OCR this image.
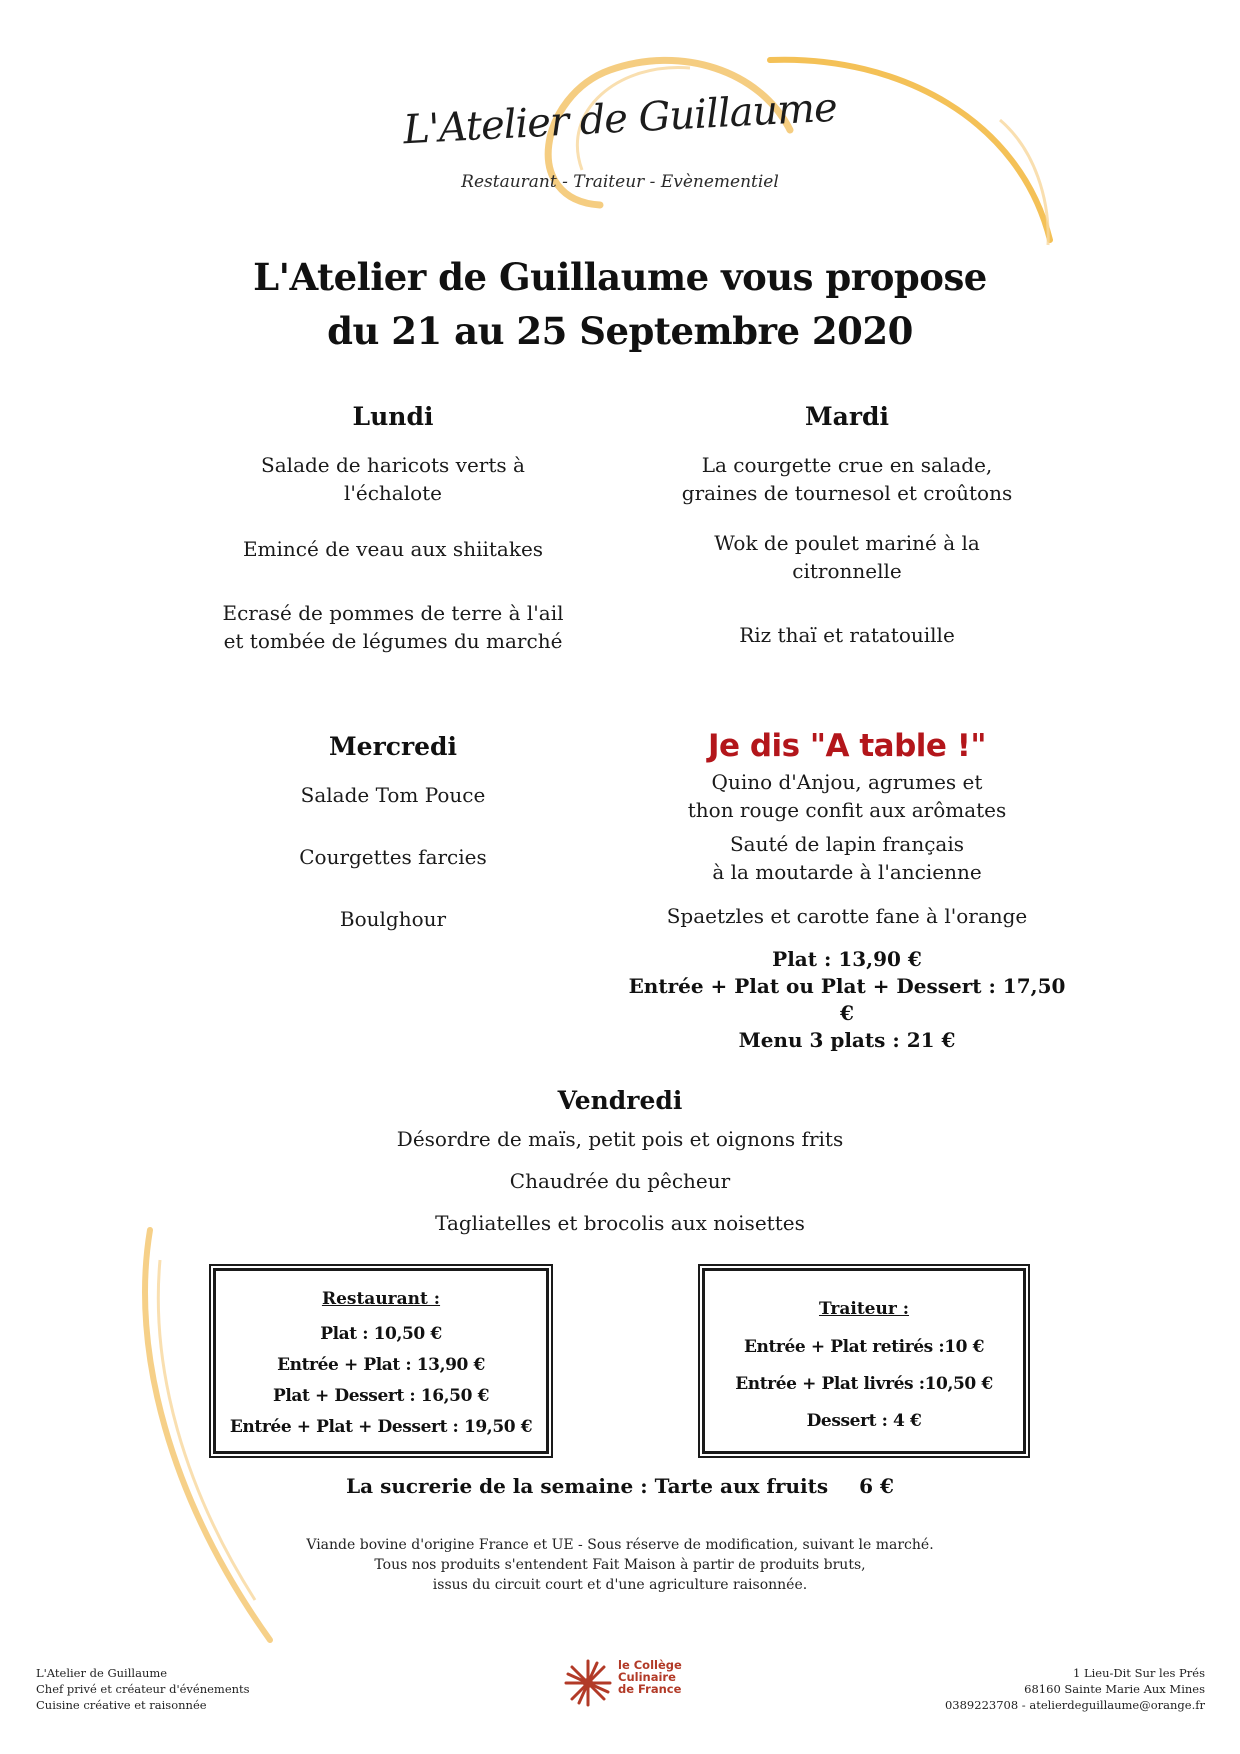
L'Atelier de Guillaume
Restaurant - Traiteur - Evènementiel
L'Atelier de Guillaume vous propose
du 21 au 25 Septembre 2020
Lundi

Salade de haricots verts à

l'échalote

Emincé de veau aux shiitakes

Ecrasé de pommes de terre à l'ail

et tombée de légumes du marché

Mardi

La courgette crue en salade,

graines de tournesol et croûtons

Wok de poulet mariné à la

citronnelle

Riz thaï et ratatouille

Mercredi

Salade Tom Pouce

Courgettes farcies

Boulghour

Je dis "A table !"

Quino d'Anjou, agrumes et

thon rouge confit aux arômates

Sauté de lapin français

à la moutarde à l'ancienne

Spaetzles et carotte fane à l'orange

Plat : 13,90 €

Entrée + Plat ou Plat + Dessert : 17,50 €

Menu 3 plats : 21 €

Vendredi

Désordre de maïs, petit pois et oignons frits

Chaudrée du pêcheur

Tagliatelles et brocolis aux noisettes

Restaurant :

Plat : 10,50 €

Entrée + Plat : 13,90 €

Plat + Dessert : 16,50 €

Entrée + Plat + Dessert : 19,50 €

Traiteur :

Entrée + Plat retirés :10 €

Entrée + Plat livrés :10,50 €

Dessert : 4 €

La sucrerie de la semaine : Tarte aux fruits 6 €
Viande bovine d'origine France et UE - Sous réserve de modification, suivant le marché.
Tous nos produits s'entendent Fait Maison à partir de produits bruts,
issus du circuit court et d'une agriculture raisonnée.
L'Atelier de Guillaume
Chef privé et créateur d'événements
Cuisine créative et raisonnée
le Collège
Culinaire
de France
1 Lieu-Dit Sur les Prés
68160 Sainte Marie Aux Mines
0389223708 - atelierdeguillaume@orange.fr
